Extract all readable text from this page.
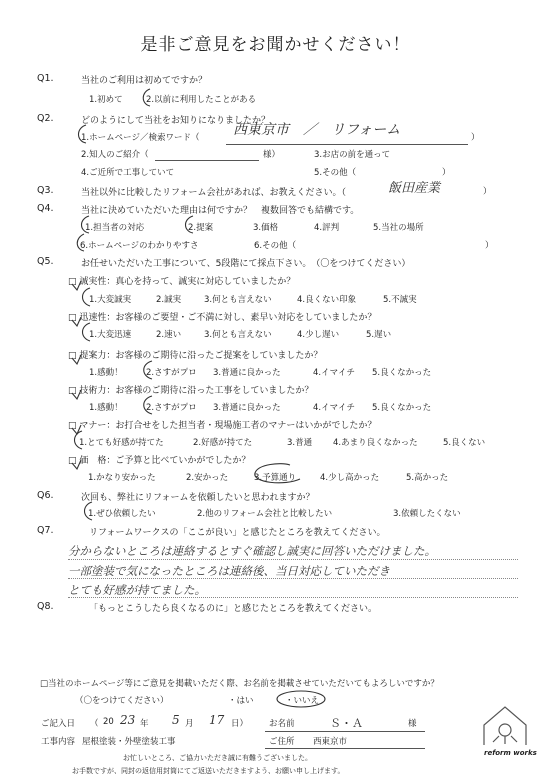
是非ご意見をお聞かせください！
Q1.	当社のご利用は初めてですか？
1.初めて	2.以前に利用したことがある
Q2.	どのようにして当社をお知りになりましたか？
1.ホームページ／検索ワード（ 西東京市　／　リフォーム	）
2.知人のご紹介（	様）	3.お店の前を通って
4.ご近所で工事していて	5.その他（	）
Q3.	当社以外に比較したリフォーム会社があれば、お教えください。（	飯田産業	）
Q4.	当社に決めていただいた理由は何ですか？　複数回答でも結構です。
1.担当者の対応	2.提案	3.価格	4.評判	5.当社の場所
6.ホームページのわかりやすさ	6.その他（	）
Q5.	お任せいただいた工事について、5段階にて採点下さい。　（〇をつけてください）
□ 誠実性：真心を持って、誠実に対応していましたか？
1.大変誠実	2.誠実	3.何とも言えない	4.良くない印象	5.不誠実
□ 迅速性：お客様のご要望・ご不満に対し、素早い対応をしていましたか？
1.大変迅速	2.速い	3.何とも言えない	4.少し遅い	5.遅い
□ 提案力：お客様のご期待に沿ったご提案をしていましたか？
1.感動！	2.さすがプロ 3.普通に良かった	4.イマイチ 5.良くなかった
□ 技術力：お客様のご期待に沿った工事をしていましたか？
1.感動！	2.さすがプロ 3.普通に良かった	4.イマイチ 5.良くなかった
□ マナー：お打合せをした担当者・現場施工者のマナーはいかがでしたか？
1.とても好感が持てた	2.好感が持てた	3.普通 4.あまり良くなかった	5.良くない
□ 価　格：ご予算と比べていかがでしたか？
1.かなり安かった	2.安かった	3.予算通り	4.少し高かった	5.高かった
Q6.	次回も、弊社にリフォームを依頼したいと思われますか？
1.ぜひ依頼したい	2.他のリフォーム会社と比較したい	3.依頼したくない
Q7.	リフォームワークスの「ここが良い」と感じたところを教えてください。
分からないところは連絡するとすぐ確認し誠実に回答いただけました。
一部塗装で気になったところは連絡後、当日対応していただき
とても好感が持てました。
Q8.	「もっとこうしたら良くなるのに」と感じたところを教えてください。
□当社のホームページ等にご意見を掲載いただく際、お名前を掲載させていただいてもよろしいですか？
（〇をつけてください）	・はい	・いいえ
ご記入日 （ 20 23 年 5 月 17 日） お名前	Ｓ・Ａ	様
工事内容 屋根塗装・外壁塗装工事	ご住所 西東京市
お忙しいところ、ご協力いただき誠に有難うございました。
お手数ですが、同封の返信用封筒にてご返送いただきますよう、お願い申し上げます。
reform works
